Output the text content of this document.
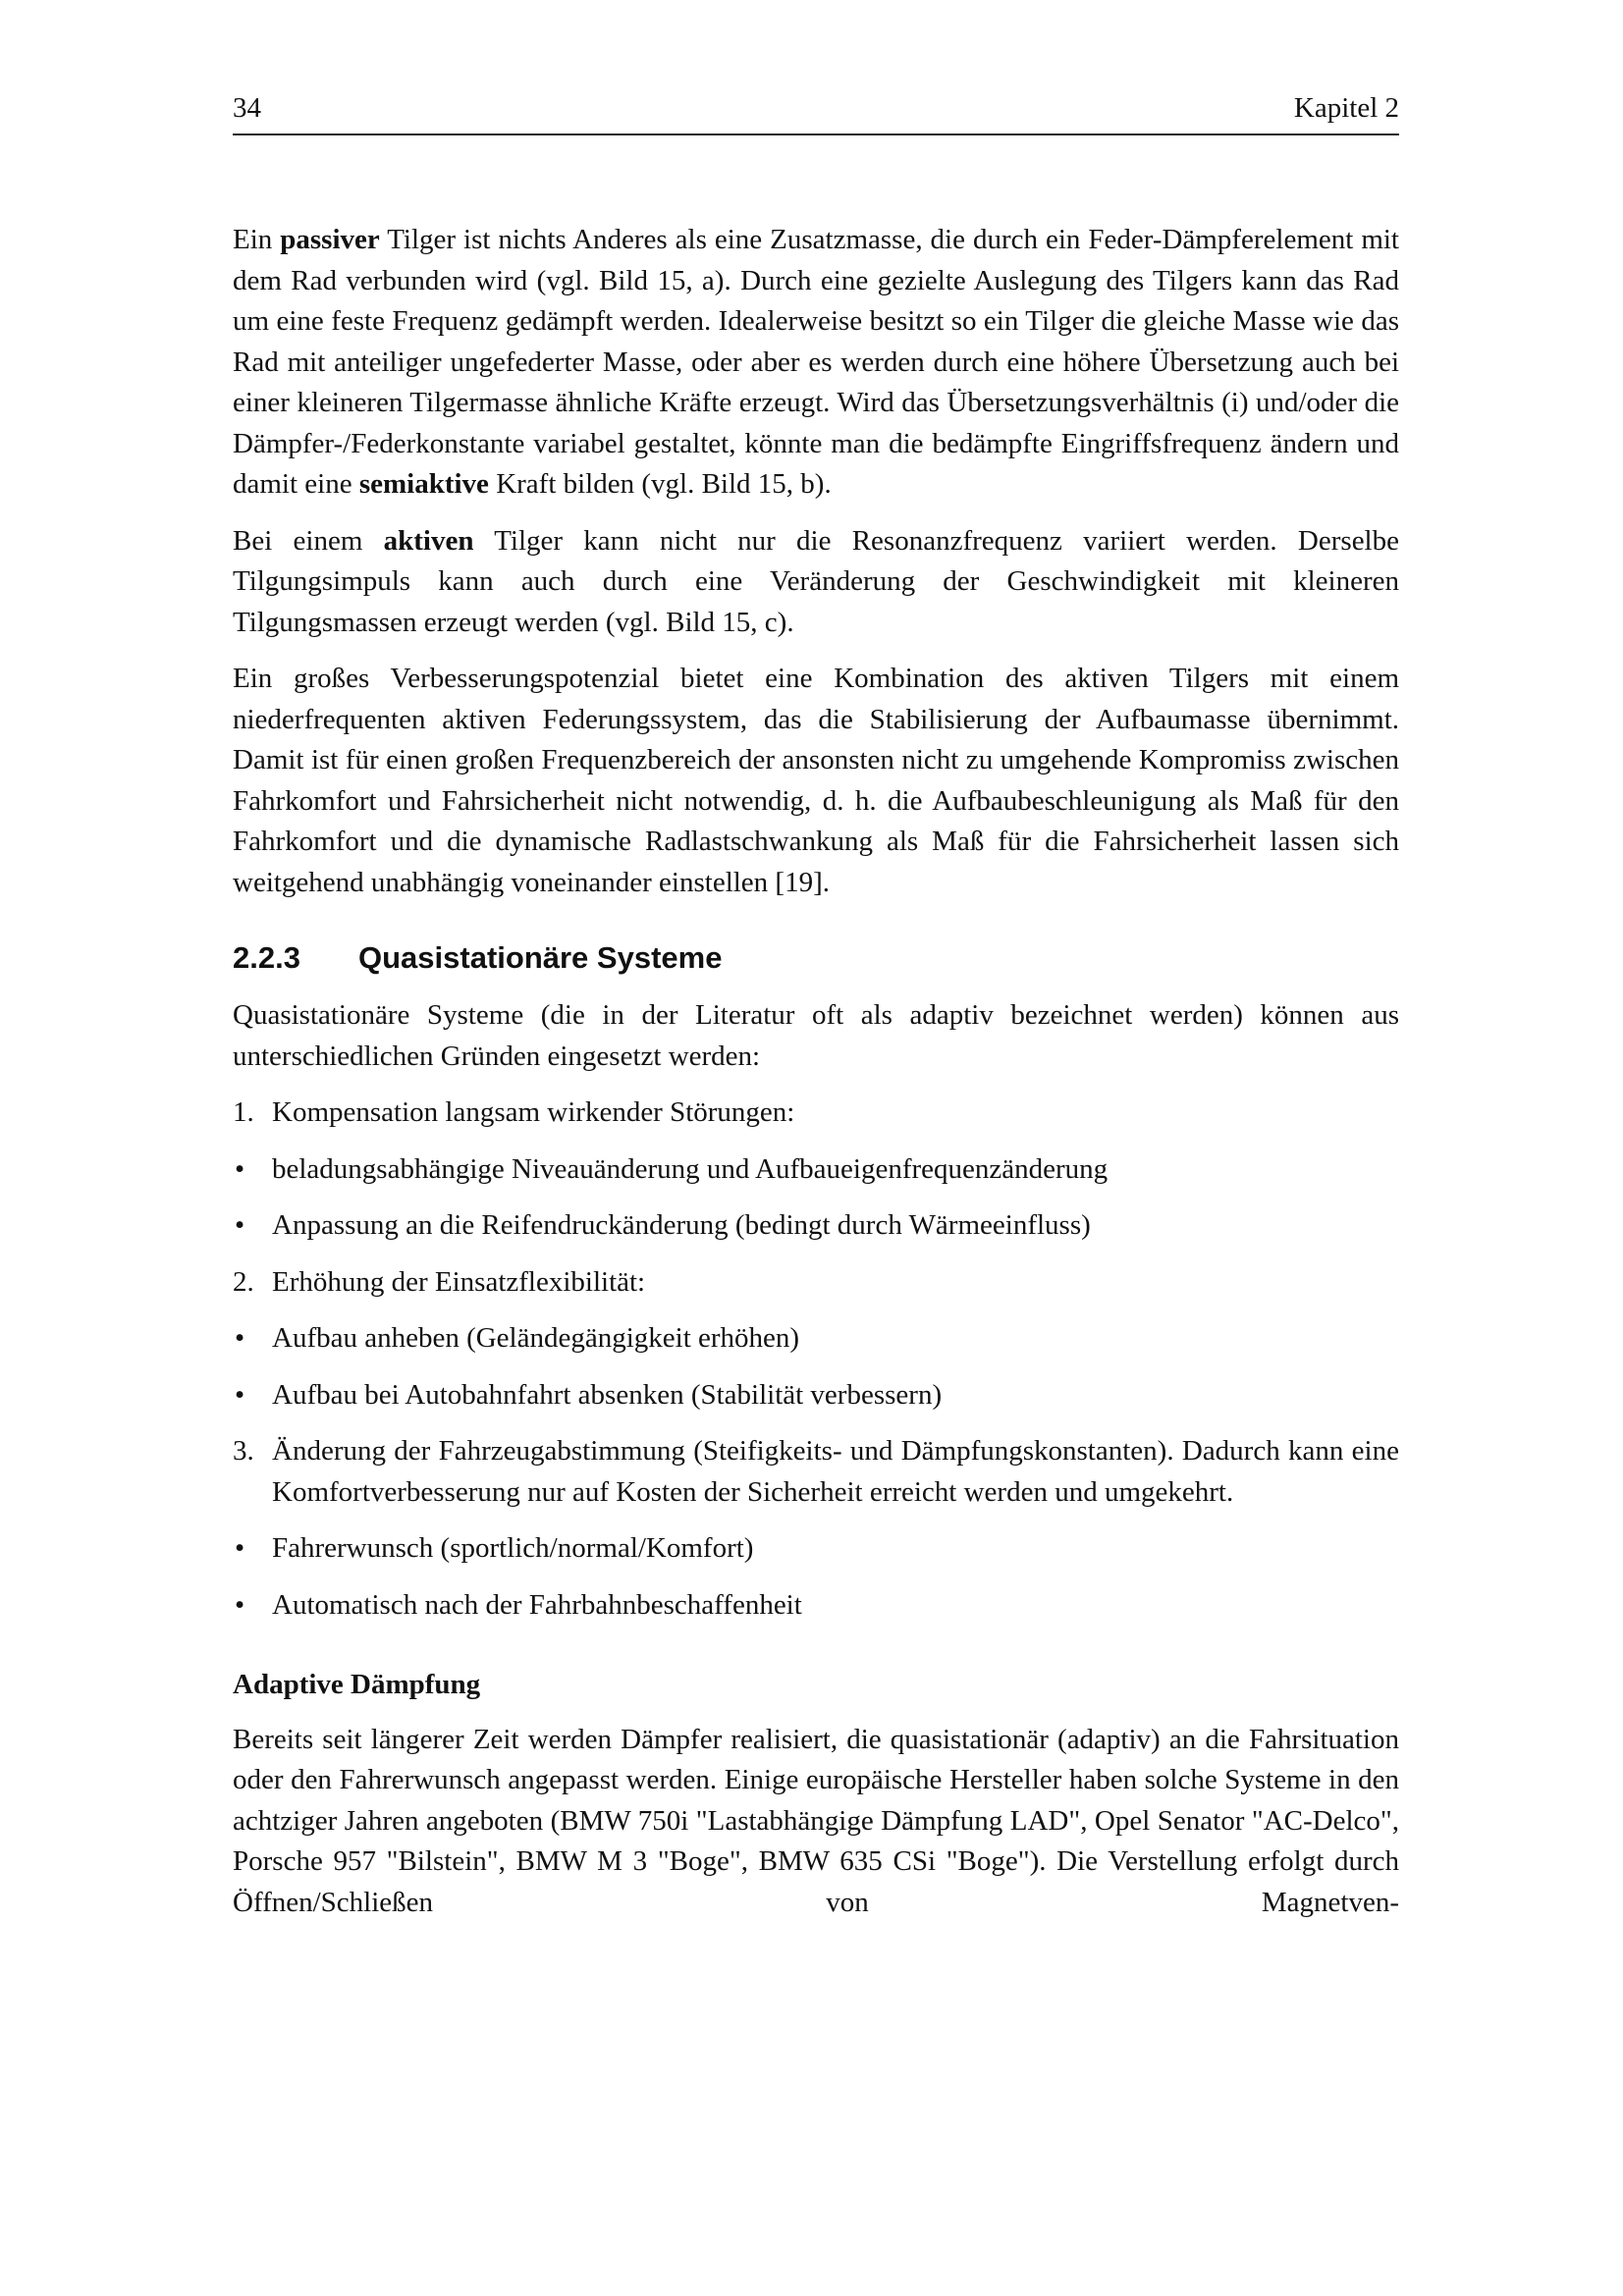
34	Kapitel 2

Ein passiver Tilger ist nichts Anderes als eine Zusatzmasse, die durch ein Feder-Dämpferelement mit dem Rad verbunden wird (vgl. Bild 15, a). Durch eine gezielte Auslegung des Tilgers kann das Rad um eine feste Frequenz gedämpft werden. Idealerweise besitzt so ein Tilger die gleiche Masse wie das Rad mit anteiliger ungefederter Masse, oder aber es werden durch eine höhere Übersetzung auch bei einer kleineren Tilgermasse ähnliche Kräfte erzeugt. Wird das Übersetzungsverhältnis (i) und/oder die Dämpfer-/Federkonstante variabel gestaltet, könnte man die bedämpfte Eingriffsfrequenz ändern und damit eine semiaktive Kraft bilden (vgl. Bild 15, b).

Bei einem aktiven Tilger kann nicht nur die Resonanzfrequenz variiert werden. Derselbe Tilgungsimpuls kann auch durch eine Veränderung der Geschwindigkeit mit kleineren Tilgungsmassen erzeugt werden (vgl. Bild 15, c).

Ein großes Verbesserungspotenzial bietet eine Kombination des aktiven Tilgers mit einem niederfrequenten aktiven Federungssystem, das die Stabilisierung der Aufbaumasse übernimmt. Damit ist für einen großen Frequenzbereich der ansonsten nicht zu umgehende Kompromiss zwischen Fahrkomfort und Fahrsicherheit nicht notwendig, d. h. die Aufbaubeschleunigung als Maß für den Fahrkomfort und die dynamische Radlastschwankung als Maß für die Fahrsicherheit lassen sich weitgehend unabhängig voneinander einstellen [19].

2.2.3 Quasistationäre Systeme

Quasistationäre Systeme (die in der Literatur oft als adaptiv bezeichnet werden) können aus unterschiedlichen Gründen eingesetzt werden:

1. Kompensation langsam wirkender Störungen:
• beladungsabhängige Niveauänderung und Aufbaueigenfrequenzänderung
• Anpassung an die Reifendruckänderung (bedingt durch Wärmeeinfluss)
2. Erhöhung der Einsatzflexibilität:
• Aufbau anheben (Geländegängigkeit erhöhen)
• Aufbau bei Autobahnfahrt absenken (Stabilität verbessern)
3. Änderung der Fahrzeugabstimmung (Steifigkeits- und Dämpfungskonstanten). Dadurch kann eine Komfortverbesserung nur auf Kosten der Sicherheit erreicht werden und umgekehrt.
• Fahrerwunsch (sportlich/normal/Komfort)
• Automatisch nach der Fahrbahnbeschaffenheit
Adaptive Dämpfung

Bereits seit längerer Zeit werden Dämpfer realisiert, die quasistationär (adaptiv) an die Fahrsituation oder den Fahrerwunsch angepasst werden. Einige europäische Hersteller haben solche Systeme in den achtziger Jahren angeboten (BMW 750i "Lastabhängige Dämpfung LAD", Opel Senator "AC-Delco", Porsche 957 "Bilstein", BMW M 3 "Boge", BMW 635 CSi "Boge"). Die Verstellung erfolgt durch Öffnen/Schließen von Magnetven-
